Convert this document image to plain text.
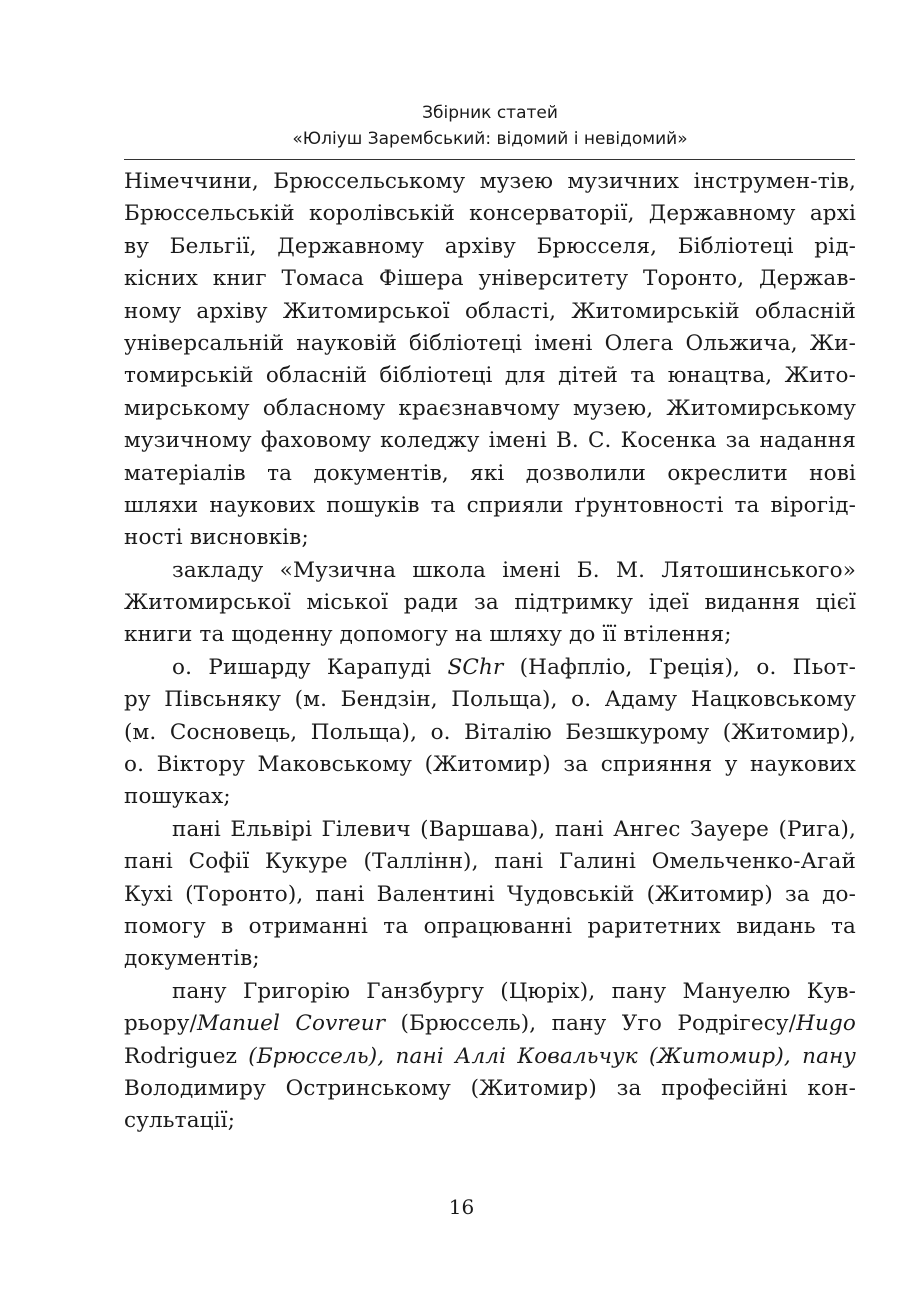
Збірник статей
«Юліуш Зарембський: відомий і невідомий»
Німеччини, Брюссельському музею музичних інструмен-тів,
Брюссельській королівській консерваторії, Державному архі
ву Бельгії, Державному архіву Брюсселя, Бібліотеці рід-
кісних книг Томаса Фішера університету Торонто, Держав-
ному архіву Житомирської області, Житомирській обласній
універсальній науковій бібліотеці імені Олега Ольжича, Жи-
томирській обласній бібліотеці для дітей та юнацтва, Жито-
мирському обласному краєзнавчому музею, Житомирському
музичному фаховому коледжу імені В. С. Косенка за надання
матеріалів та документів, які дозволили окреслити нові
шляхи наукових пошуків та сприяли ґрунтовності та вірогід-
ності висновків;
закладу «Музична школа імені Б. М. Лятошинського»
Житомирської міської ради за підтримку ідеї видання цієї
книги та щоденну допомогу на шляху до її втілення;
о. Ришарду Карапуді SChr (Нафпліо, Греція), о. Пьот-
ру Півсьняку (м. Бендзін, Польща), о. Адаму Нацковському
(м. Сосновець, Польща), о. Віталію Безшкурому (Житомир),
о. Віктору Маковському (Житомир) за сприяння у наукових
пошуках;
пані Ельвірі Гілевич (Варшава), пані Ангес Зауере (Рига),
пані Софії Кукуре (Таллінн), пані Галині Омельченко-Агай
Кухі (Торонто), пані Валентині Чудовській (Житомир) за до-
помогу в отриманні та опрацюванні раритетних видань та
документів;
пану Григорію Ганзбургу (Цюріх), пану Мануелю Кув-
рьору/Manuel Covreur (Брюссель), пану Уго Родрігесу/Hugo
Rodriguez (Брюссель), пані Аллі Ковальчук (Житомир), пану
Володимиру Остринському (Житомир) за професійні кон-
сультації;
16
